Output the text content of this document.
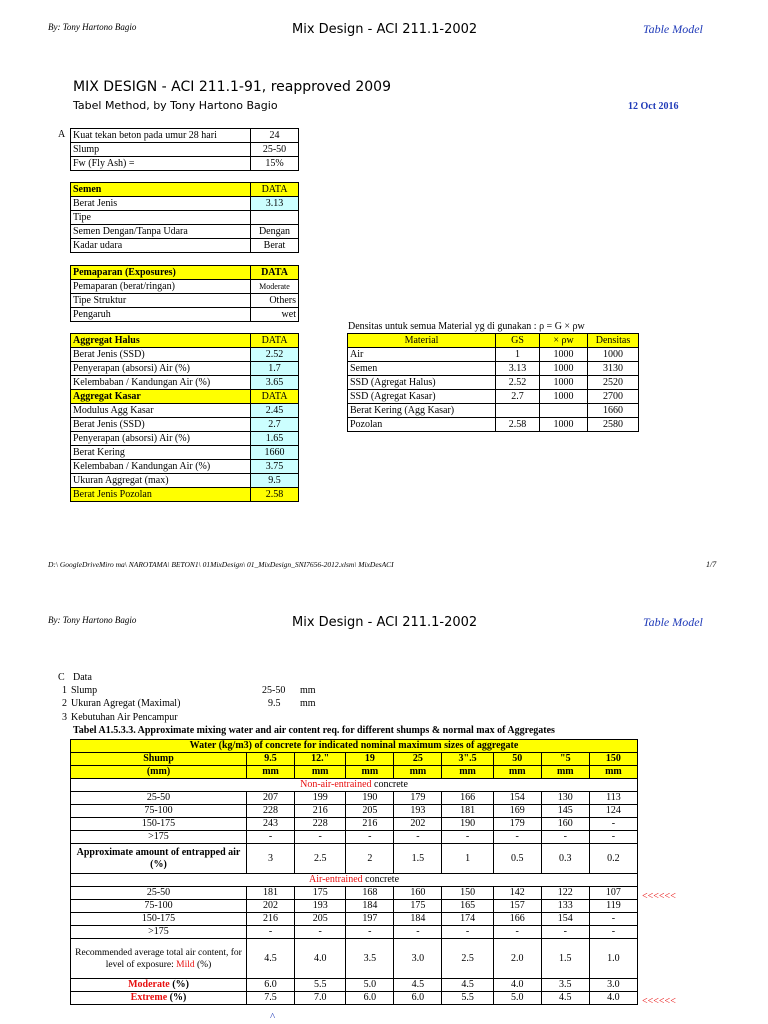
By: Tony Hartono Bagio	Mix Design - ACI 211.1-2002	Table Model
MIX DESIGN - ACI 211.1-91, reapproved 2009
Tabel Method, by Tony Hartono Bagio	12 Oct 2016
A Kuat tekan beton pada umur 28 hari	24
Slump	25-50
Fw (Fly Ash) =	15%
Semen	DATA
Berat Jenis	3.13
Tipe	
Semen Dengan/Tanpa Udara	Dengan
Kadar udara	Berat
Pemaparan (Exposures)	DATA
Pemaparan (berat/ringan)	Moderate
Tipe Struktur	Others
Pengaruh	wet
Aggregat Halus	DATA
Berat Jenis (SSD)	2.52
Penyerapan (absorsi) Air (%)	1.7
Kelembaban / Kandungan Air (%)	3.65
Aggregat Kasar	DATA
Modulus Agg Kasar	2.45
Berat Jenis (SSD)	2.7
Penyerapan (absorsi) Air (%)	1.65
Berat Kering	1660
Kelembaban / Kandungan Air (%)	3.75
Ukuran Aggregat (max)	9.5
Berat Jenis Pozolan	2.58
Densitas untuk semua Material yg di gunakan : ρ = G × ρw
Material	GS	× ρw	Densitas
Air	1	1000	1000
Semen	3.13	1000	3130
SSD (Agregat Halus)	2.52	1000	2520
SSD (Agregat Kasar)	2.7	1000	2700
Berat Kering (Agg Kasar)			1660
Pozolan	2.58	1000	2580
D:\ GoogleDriveMiro ma\ NAROTAMA\ BETON1\ 01MixDesign\ 01_MixDesign_SNI7656-2012.xlsm\ MixDesACI	1/7
By: Tony Hartono Bagio	Mix Design - ACI 211.1-2002	Table Model
C Data
1 Slump	25-50 mm
2 Ukuran Agregat (Maximal)	9.5 mm
3 Kebutuhan Air Pencampur
Tabel A1.5.3.3. Approximate mixing water and air content req. for different shumps & normal max of Aggregates
Water (kg/m3) of concrete for indicated nominal maximum sizes of aggregate								
Shump	9.5	12."	19	25	3".5	50	"5	150
(mm)	mm	mm	mm	mm	mm	mm	mm	mm
Non-air-entrained concrete								
25-50	207	199	190	179	166	154	130	113
75-100	228	216	205	193	181	169	145	124
150-175	243	228	216	202	190	179	160	-
>175	-	-	-	-	-	-	-	-
Approximate amount of entrapped air (%)	3	2.5	2	1.5	1	0.5	0.3	0.2
Air-entrained concrete								
25-50	181	175	168	160	150	142	122	107
75-100	202	193	184	175	165	157	133	119
150-175	216	205	197	184	174	166	154	-
>175	-	-	-	-	-	-	-	-
Recommended average total air content, for level of exposure: Mild (%)	4.5	4.0	3.5	3.0	2.5	2.0	1.5	1.0
Moderate (%)	6.0	5.5	5.0	4.5	4.5	4.0	3.5	3.0
Extreme (%)	7.5	7.0	6.0	6.0	5.5	5.0	4.5	4.0
<<<<<<
<<<<<<
^
